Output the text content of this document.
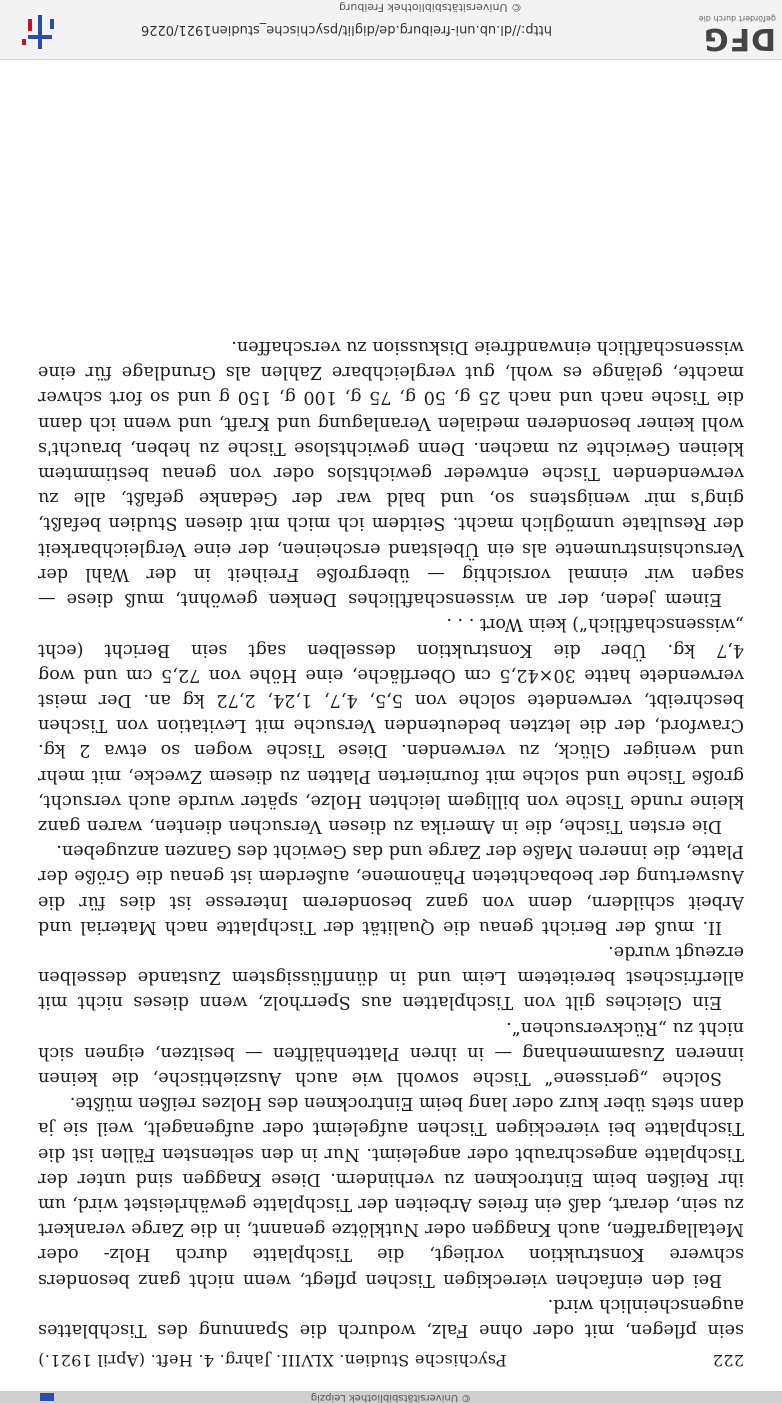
© Universitätsbibliothek Leipzig
222
Psychische Studien. XLVIII. Jahrg. 4. Heft. (April 1921.)

sein pflegen, mit oder ohne Falz, wodurch die Spannung des Tischblattes augenscheinlich wird.

Bei den einfachen viereckigen Tischen pflegt, wenn nicht ganz besonders schwere Konstruktion vorliegt, die Tischplatte durch Holz- oder Metallagraffen, auch Knaggen oder Nutklötze genannt, in die Zarge verankert zu sein, derart, daß ein freies Arbeiten der Tischplatte gewährleistet wird, um ihr Reißen beim Eintrocknen zu verhindern. Diese Knaggen sind unter der Tischplatte angeschraubt oder angeleimt. Nur in den seltensten Fällen ist die Tischplatte bei viereckigen Tischen aufgeleimt oder aufgenagelt, weil sie ja dann stets über kurz oder lang beim Eintrocknen des Holzes reißen müßte.

Solche „gerissene“ Tische sowohl wie auch Ausziehtische, die keinen inneren Zusammenhang — in ihren Plattenhälften — besitzen, eignen sich nicht zu „Rückversuchen“.

Ein Gleiches gilt von Tischplatten aus Sperrholz, wenn dieses nicht mit allerfrischest bereitetem Leim und in dünnflüssigstem Zustande desselben erzeugt wurde.

II. muß der Bericht genau die Qualität der Tischplatte nach Material und Arbeit schildern, denn von ganz besonderem Interesse ist dies für die Auswertung der beobachteten Phänomene, außerdem ist genau die Größe der Platte, die inneren Maße der Zarge und das Gewicht des Ganzen anzugeben.

Die ersten Tische, die in Amerika zu diesen Versuchen dienten, waren ganz kleine runde Tische von billigem leichten Holze, später wurde auch versucht, große Tische und solche mit fournierten Platten zu diesem Zwecke, mit mehr und weniger Glück, zu verwenden. Diese Tische wogen so etwa 2 kg. Crawford, der die letzten bedeutenden Versuche mit Levitation von Tischen beschreibt, verwendete solche von 5,5, 4,7, 1,24, 2,72 kg an. Der meist verwendete hatte 30×42,5 cm Oberfläche, eine Höhe von 72,5 cm und wog 4,7 kg. Über die Konstruktion desselben sagt sein Bericht (echt „wissenschaftlich“) kein Wort . . .

Einem jeden, der an wissenschaftliches Denken gewöhnt, muß diese — sagen wir einmal vorsichtig — übergroße Freiheit in der Wahl der Versuchsinstrumente als ein Übelstand erscheinen, der eine Vergleichbarkeit der Resultate unmöglich macht. Seitdem ich mich mit diesen Studien befaßt, ging's mir wenigstens so, und bald war der Gedanke gefaßt, alle zu verwendenden Tische entweder gewichtslos oder von genau bestimmtem kleinen Gewichte zu machen. Denn gewichtslose Tische zu heben, braucht's wohl keiner besonderen medialen Veranlagung und Kraft, und wenn ich dann die Tische nach und nach 25 g, 50 g, 75 g, 100 g, 150 g und so fort schwer machte, gelänge es wohl, gut vergleichbare Zahlen als Grundlage für eine wissenschaftlich einwandfreie Diskussion zu verschaffen.

DFG
gefördert durch die
http://dl.ub.uni-freiburg.de/diglit/psychische_studien1921/0226
© Universitätsbibliothek Freiburg
